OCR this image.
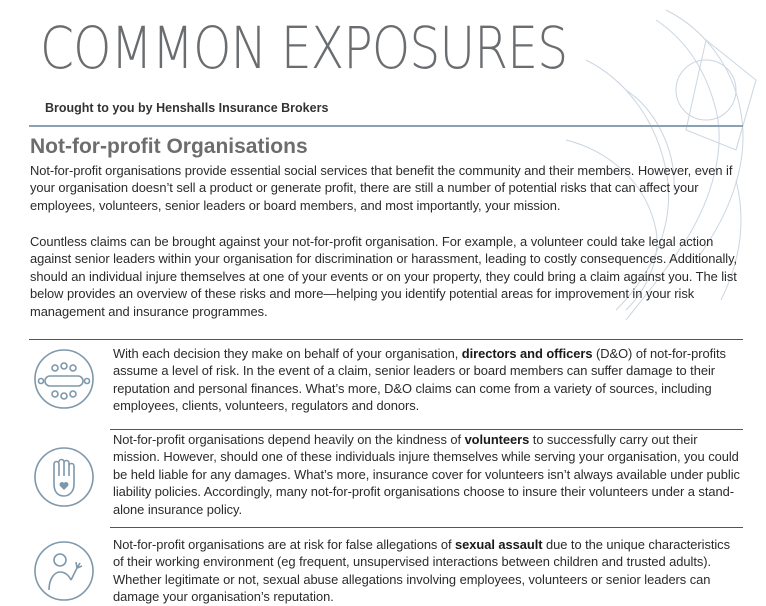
COMMON EXPOSURES
Brought to you by Henshalls Insurance Brokers
Not-for-profit Organisations

Not-for-profit organisations provide essential social services that benefit the community and their members. However, even if your organisation doesn’t sell a product or generate profit, there are still a number of potential risks that can affect your employees, volunteers, senior leaders or board members, and most importantly, your mission.

Countless claims can be brought against your not-for-profit organisation. For example, a volunteer could take legal action against senior leaders within your organisation for discrimination or harassment, leading to costly consequences. Additionally, should an individual injure themselves at one of your events or on your property, they could bring a claim against you. The list below provides an overview of these risks and more—helping you identify potential areas for improvement in your risk management and insurance programmes.

With each decision they make on behalf of your organisation, directors and officers (D&O) of not-for-profits assume a level of risk. In the event of a claim, senior leaders or board members can suffer damage to their reputation and personal finances. What’s more, D&O claims can come from a variety of sources, including employees, clients, volunteers, regulators and donors.

Not-for-profit organisations depend heavily on the kindness of volunteers to successfully carry out their mission. However, should one of these individuals injure themselves while serving your organisation, you could be held liable for any damages. What’s more, insurance cover for volunteers isn’t always available under public liability policies. Accordingly, many not-for-profit organisations choose to insure their volunteers under a stand-alone insurance policy.

Not-for-profit organisations are at risk for false allegations of sexual assault due to the unique characteristics of their working environment (eg frequent, unsupervised interactions between children and trusted adults). Whether legitimate or not, sexual abuse allegations involving employees, volunteers or senior leaders can damage your organisation’s reputation.
